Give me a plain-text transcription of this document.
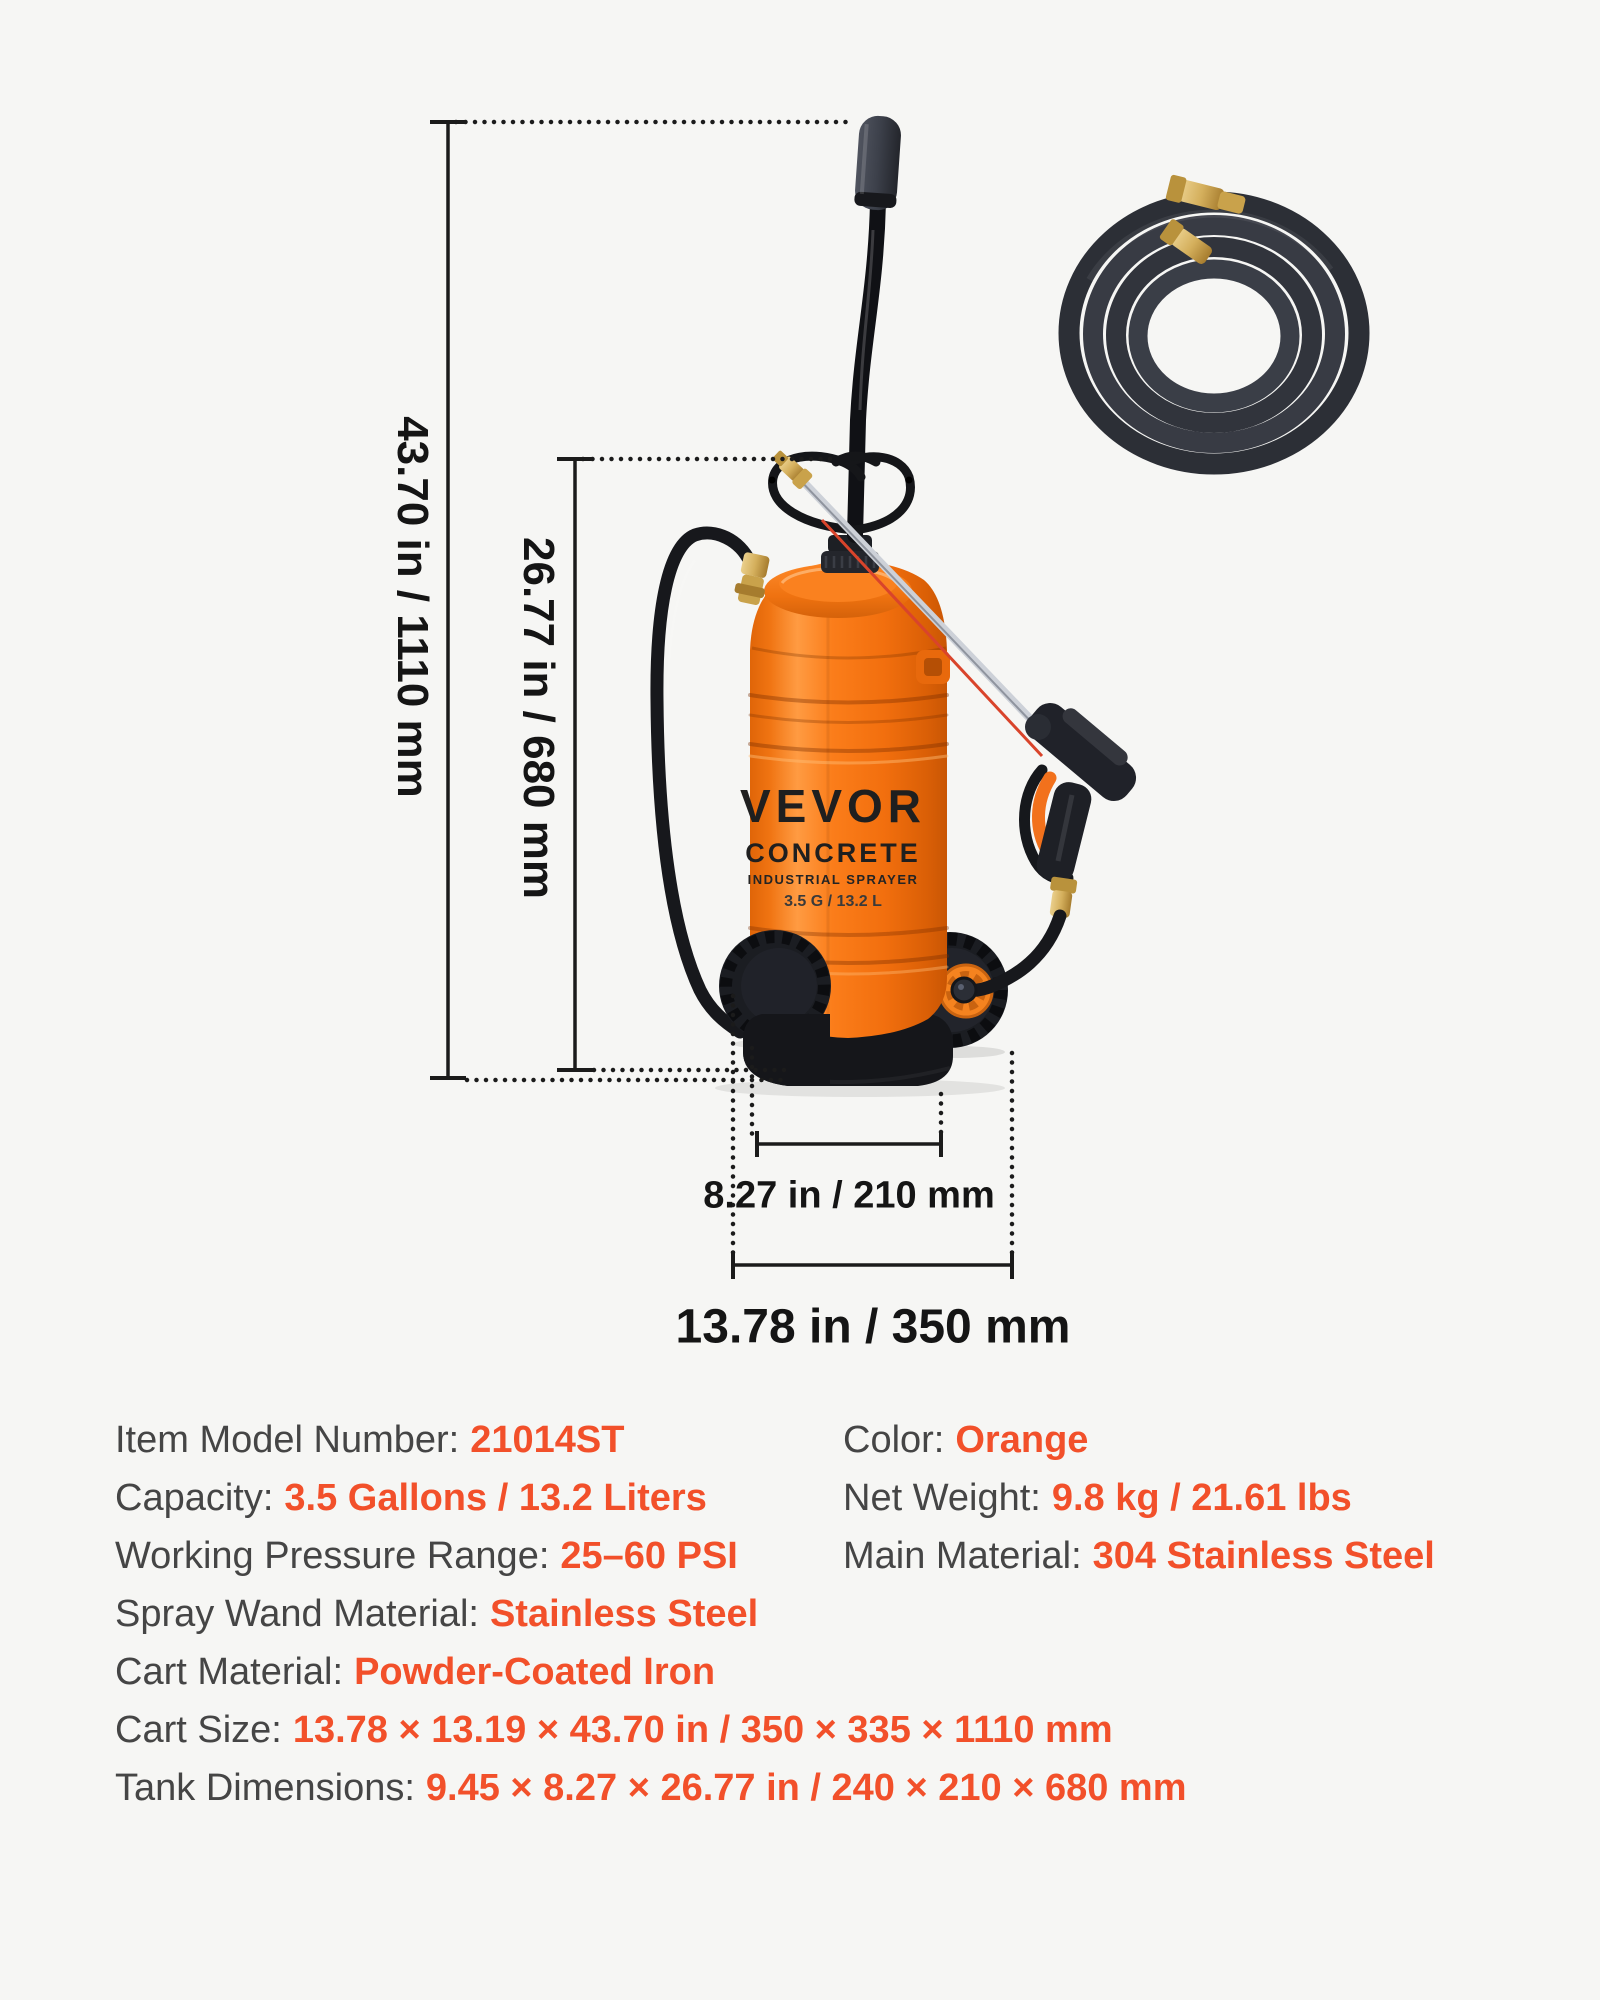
VEVOR
CONCRETE
INDUSTRIAL SPRAYER
3.5 G / 13.2 L
43.70 in / 1110 mm 26.77 in / 680 mm
8.27 in / 210 mm
13.78 in / 350 mm
Item Model Number: 21014ST
Capacity: 3.5 Gallons / 13.2 Liters
Working Pressure Range: 25–60 PSI
Spray Wand Material: Stainless Steel
Cart Material: Powder-Coated Iron
Cart Size: 13.78 × 13.19 × 43.70 in / 350 × 335 × 1110 mm
Tank Dimensions: 9.45 × 8.27 × 26.77 in / 240 × 210 × 680 mm
Color: Orange
Net Weight: 9.8 kg / 21.61 lbs
Main Material: 304 Stainless Steel
